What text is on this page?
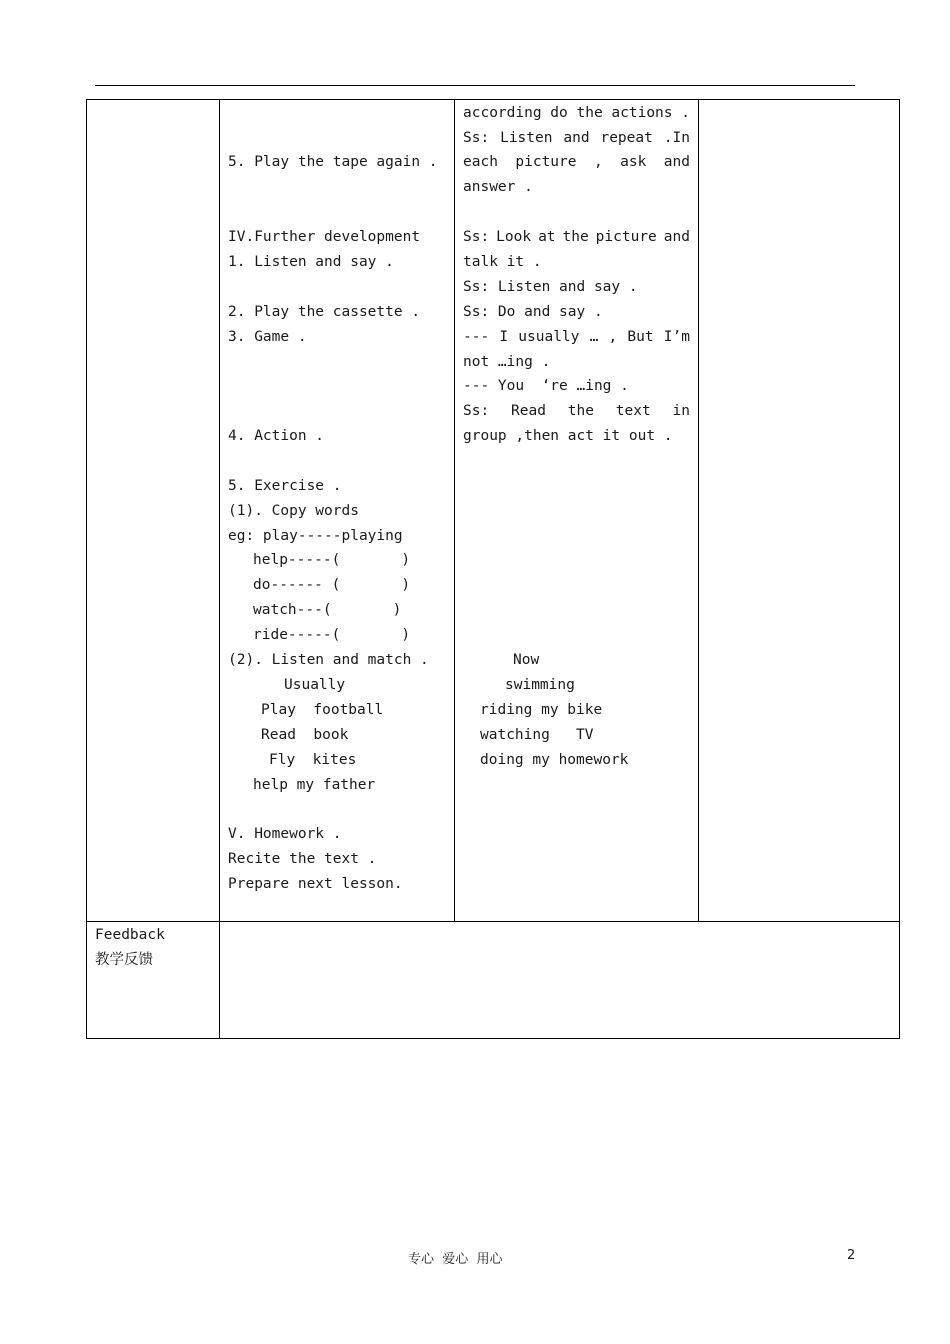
5. Play the tape again .
IV.Further development
1. Listen and say .
2. Play the cassette .
3. Game .
4. Action .
5. Exercise .
(1). Copy words
eg: play-----playing
help-----(       )
do------ (       )
watch---(       )
ride-----(       )
(2). Listen and match .
Usually
Play  football
Read  book
Fly  kites
help my father
V. Homework .
Recite the text .
Prepare next lesson.
according do the actions .
Ss: Listen and repeat .In
each picture , ask and
answer .
Ss: Look at the picture and
talk it .
Ss: Listen and say .
Ss: Do and say .
--- I usually … , But I’m
not …ing .
--- You  ‘re …ing .
Ss: Read the text in
group ,then act it out .
Now
swimming
riding my bike
watching   TV
doing my homework
Feedback
教学反馈
专心  爱心  用心	2
